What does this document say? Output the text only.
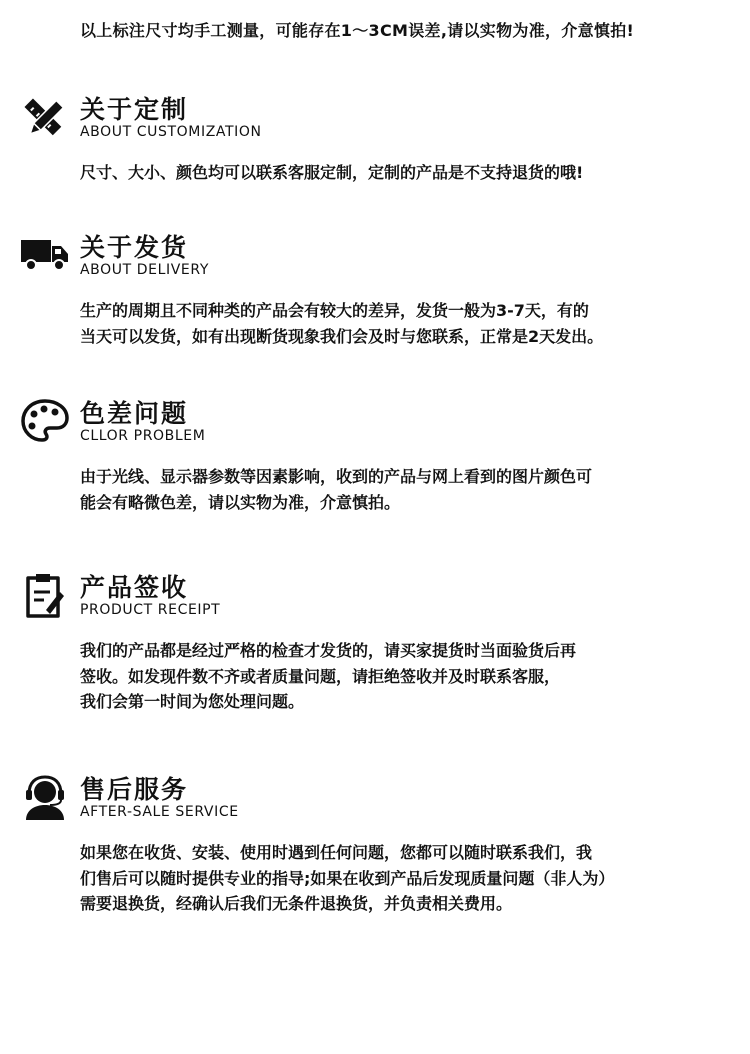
以上标注尺寸均手工测量，可能存在1～3CM误差,请以实物为准，介意慎拍!
关于定制
ABOUT CUSTOMIZATION
尺寸、大小、颜色均可以联系客服定制，定制的产品是不支持退货的哦!
关于发货
ABOUT DELIVERY
生产的周期且不同种类的产品会有较大的差异，发货一般为3-7天，有的
当天可以发货，如有出现断货现象我们会及时与您联系，正常是2天发出。
色差问题
CLLOR PROBLEM
由于光线、显示器参数等因素影响，收到的产品与网上看到的图片颜色可
能会有略微色差，请以实物为准，介意慎拍。
产品签收
PRODUCT RECEIPT
我们的产品都是经过严格的检查才发货的，请买家提货时当面验货后再
签收。如发现件数不齐或者质量问题，请拒绝签收并及时联系客服，
我们会第一时间为您处理问题。
售后服务
AFTER-SALE SERVICE
如果您在收货、安装、使用时遇到任何问题，您都可以随时联系我们，我
们售后可以随时提供专业的指导;如果在收到产品后发现质量问题（非人为）
需要退换货，经确认后我们无条件退换货，并负责相关费用。
